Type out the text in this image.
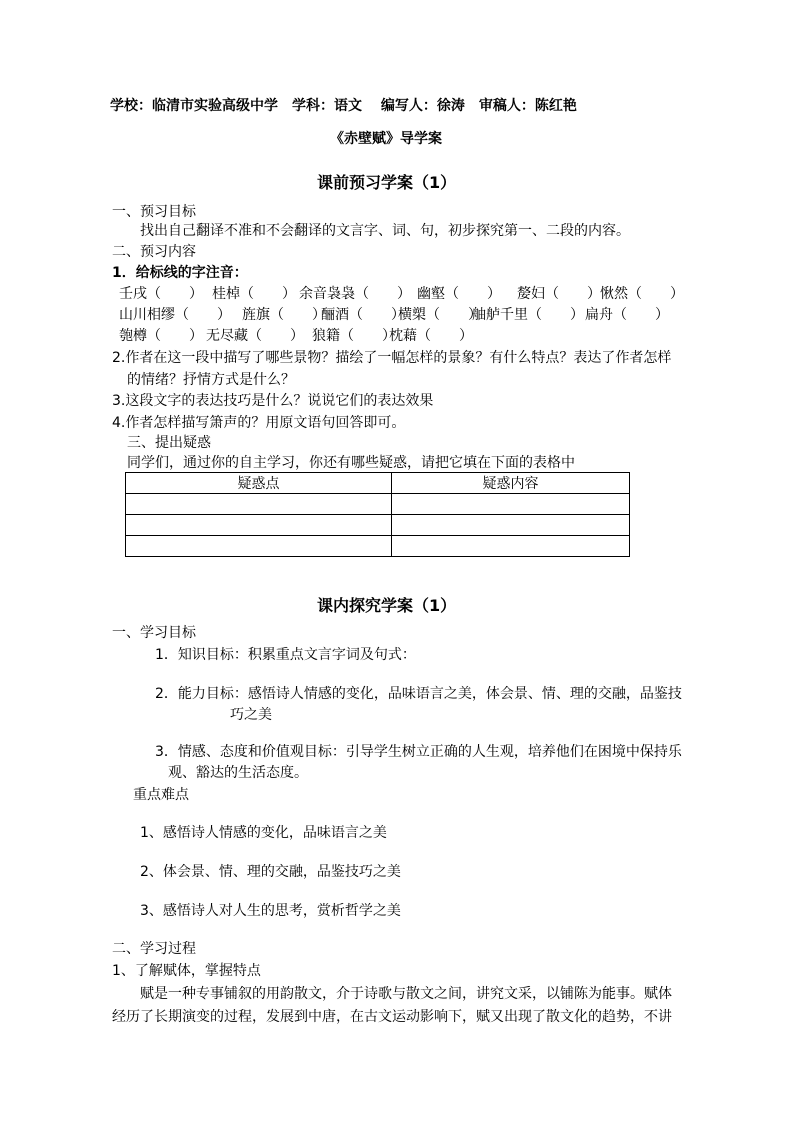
学校：临清市实验高级中学　学科：语文　 编写人：徐涛　审稿人：陈红艳
《赤壁赋》导学案
课前预习学案（1）
一、预习目标
找出自己翻译不准和不会翻译的文言字、词、句，初步探究第一、二段的内容。
二、预习内容
1．给标线的字注音：
壬戌（　　） 桂棹（　　） 余音袅袅（　　） 幽壑（　　） 嫠妇（　　） 愀然（　　）
山川相缪（　　） 旌旗（　　）
酾酒（　　）
横槊（　　）
舳舻千里（　　） 扁舟（　　）
匏樽（　　） 无尽藏（　　） 狼籍（　　）
枕藉（　　）
2.作者在这一段中描写了哪些景物？描绘了一幅怎样的景象？有什么特点？表达了作者怎样
的情绪？抒情方式是什么？
3.这段文字的表达技巧是什么？说说它们的表达效果
4.作者怎样描写箫声的？用原文语句回答即可。
三、提出疑惑
同学们，通过你的自主学习，你还有哪些疑惑，请把它填在下面的表格中
疑惑点	疑惑内容

课内探究学案（1）
一、学习目标
1．知识目标：积累重点文言字词及句式：
2．能力目标：感悟诗人情感的变化，品味语言之美，体会景、情、理的交融，品鉴技
巧之美
3．情感、态度和价值观目标：引导学生树立正确的人生观，培养他们在困境中保持乐
观、豁达的生活态度。
重点难点
1、感悟诗人情感的变化，品味语言之美
2、体会景、情、理的交融，品鉴技巧之美
3、感悟诗人对人生的思考，赏析哲学之美
二、学习过程
1、了解赋体，掌握特点
赋是一种专事铺叙的用韵散文，介于诗歌与散文之间，讲究文采，以铺陈为能事。赋体
经历了长期演变的过程，发展到中唐，在古文运动影响下，赋又出现了散文化的趋势，不讲
